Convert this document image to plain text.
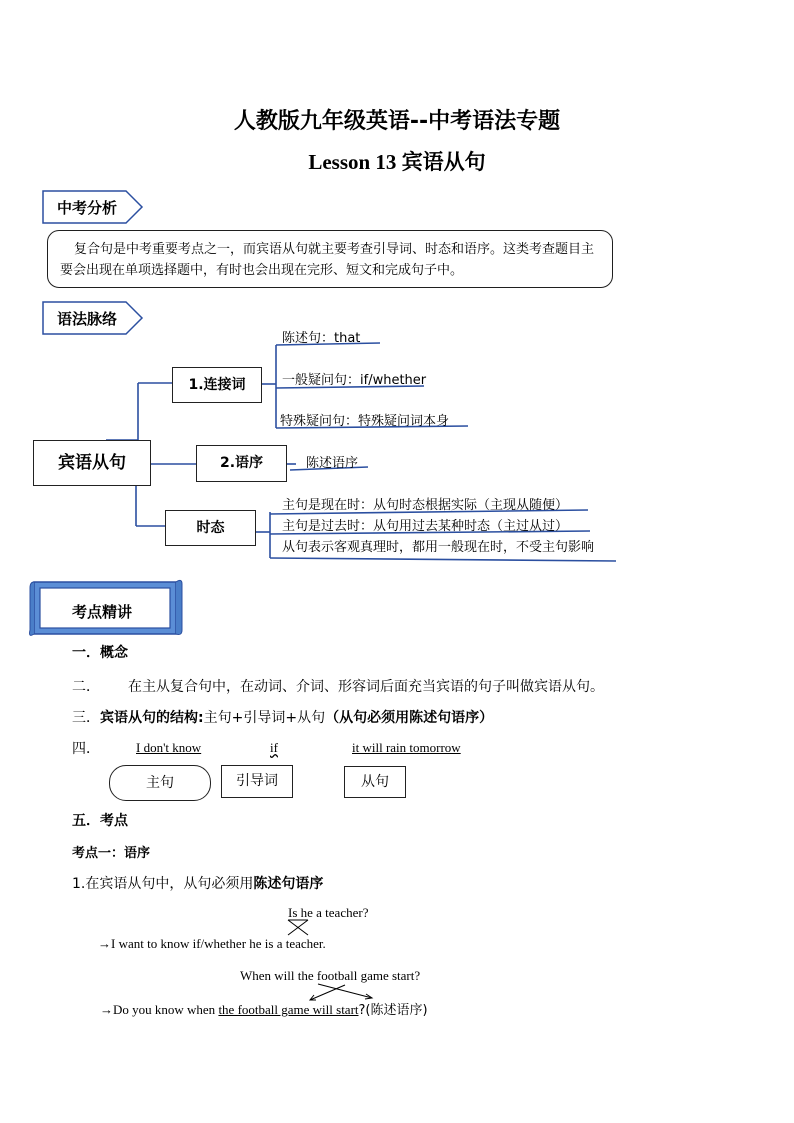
人教版九年级英语--中考语法专题
Lesson 13 宾语从句
中考分析
复合句是中考重要考点之一，而宾语从句就主要考查引导词、时态和语序。这类考查题目主要会出现在单项选择题中，有时也会出现在完形、短文和完成句子中。
语法脉络
宾语从句
1.连接词
2.语序
时态
陈述句：that
一般疑问句：if/whether
特殊疑问句：特殊疑问词本身
陈述语序
主句是现在时：从句时态根据实际（主现从随便）
主句是过去时：从句用过去某种时态（主过从过）
从句表示客观真理时，都用一般现在时，不受主句影响
考点精讲
一．概念
二． 在主从复合句中，在动词、介词、形容词后面充当宾语的句子叫做宾语从句。
三．宾语从句的结构:主句+引导词+从句（从句必须用陈述句语序）
四．	I don't know	if	it will rain tomorrow
主句	引导词	从句
五．考点
考点一：语序
1.在宾语从句中，从句必须用陈述句语序
Is he a teacher?
→I want to know if/whether he is a teacher.
When will the football game start?
→Do you know when the football game will start?(陈述语序)
